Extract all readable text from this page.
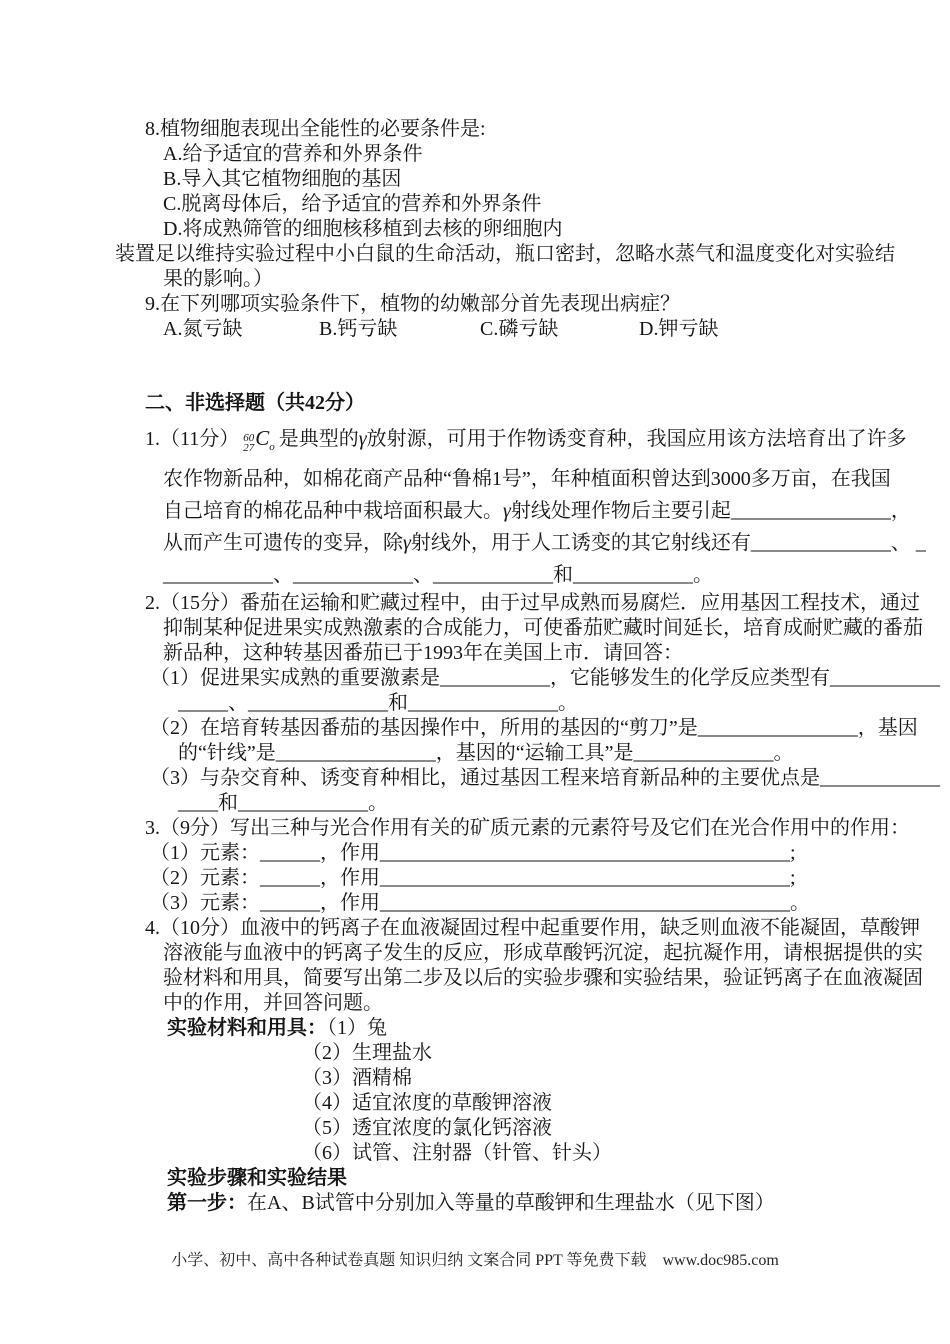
8.植物细胞表现出全能性的必要条件是:
A.给予适宜的营养和外界条件
B.导入其它植物细胞的基因
C.脱离母体后，给予适宜的营养和外界条件
D.将成熟筛管的细胞核移植到去核的卵细胞内
装置足以维持实验过程中小白鼠的生命活动，瓶口密封，忽略水蒸气和温度变化对实验结
果的影响。）
9.在下列哪项实验条件下，植物的幼嫩部分首先表现出病症？
A.氮亏缺	B.钙亏缺	C.磷亏缺	D.钾亏缺
二、非选择题（共42分）
1.（11分） 60
27 $C_o$ 是典型的γ放射源，可用于作物诱变育种，我国应用该方法培育出了许多
农作物新品种，如棉花商产品种“鲁棉1号”，年种植面积曾达到3000多万亩，在我国
自己培育的棉花品种中栽培面积最大。γ射线处理作物后主要引起________________，
从而产生可遗传的变异，除γ射线外，用于人工诱变的其它射线还有______________、 _
___________、____________、____________和____________。
2.（15分）番茄在运输和贮藏过程中，由于过早成熟而易腐烂．应用基因工程技术，通过
抑制某种促进果实成熟激素的合成能力，可使番茄贮藏时间延长，培育成耐贮藏的番茄
新品种，这种转基因番茄已于1993年在美国上市．请回答：
（1）促进果实成熟的重要激素是___________，它能够发生的化学反应类型有___________
_____、______________和_______________。
（2）在培育转基因番茄的基因操作中，所用的基因的“剪刀”是________________，基因
的“针线”是________________，基因的“运输工具”是______________。
（3）与杂交育种、诱变育种相比，通过基因工程来培育新品种的主要优点是____________
____和_____________。
3.（9分）写出三种与光合作用有关的矿质元素的元素符号及它们在光合作用中的作用：
（1）元素：______，作用_________________________________________;
（2）元素：______，作用_________________________________________;
（3）元素：______，作用_________________________________________。
4.（10分）血液中的钙离子在血液凝固过程中起重要作用，缺乏则血液不能凝固，草酸钾
溶液能与血液中的钙离子发生的反应，形成草酸钙沉淀，起抗凝作用，请根据提供的实
验材料和用具，简要写出第二步及以后的实验步骤和实验结果，验证钙离子在血液凝固
中的作用，并回答问题。
实验材料和用具：（1）兔
（2）生理盐水
（3）酒精棉
（4）适宜浓度的草酸钾溶液
（5）透宜浓度的氯化钙溶液
（6）试管、注射器（针管、针头）
实验步骤和实验结果
第一步：在A、B试管中分别加入等量的草酸钾和生理盐水（见下图）
小学、初中、高中各种试卷真题 知识归纳 文案合同 PPT 等免费下载 www.doc985.com
